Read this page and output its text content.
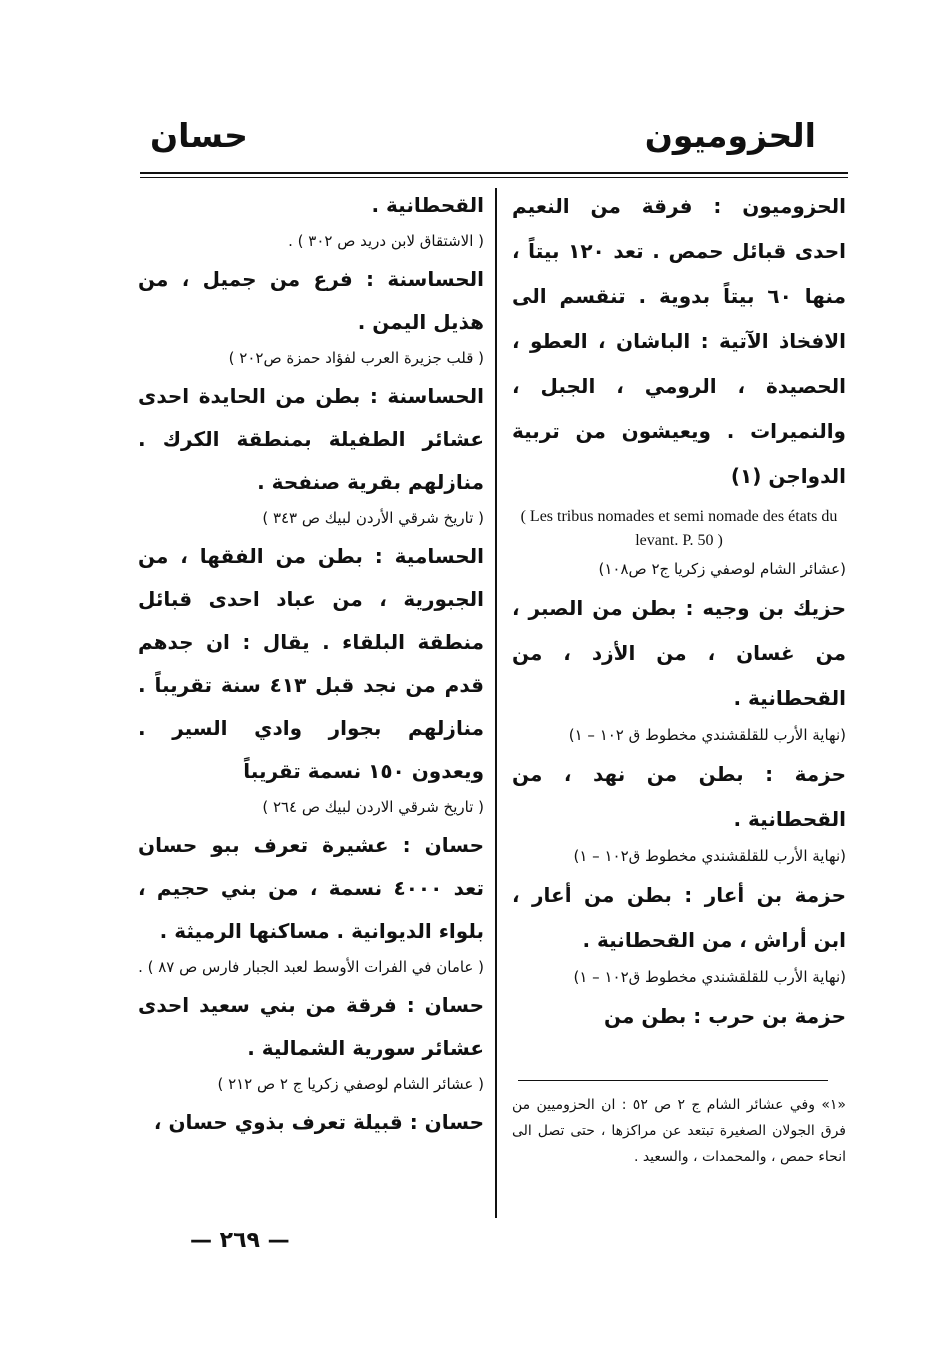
الحزوميون
حسان

الحزوميون : فرقة من النعيم احدى قبائل حمص . تعد ١٢٠ بيتاً ، منها ٦٠ بيتاً بدوية . تنقسم الى الافخاذ الآتية : الباشان ، العطو ، الحصيدة ، الرومي ، الجبل ، والنميرات . ويعيشون من تربية الدواجن (١)

( Les tribus nomades et semi nomade des états du levant. P. 50 )

(عشائر الشام لوصفي زكريا ج٢ ص١٠٨)

حزيك بن وجيه : بطن من الصبر ، من غسان ، من الأزد ، من القحطانية .

(نهاية الأرب للقلقشندي مخطوط ق ١٠٢ – ١)

حزمة : بطن من نهد ، من القحطانية .

(نهاية الأرب للقلقشندي مخطوط ق١٠٢ – ١)

حزمة بن أعار : بطن من أعار ، ابن أراش ، من القحطانية .

(نهاية الأرب للقلقشندي مخطوط ق١٠٢ – ١)

حزمة بن حرب : بطن من

القحطانية .

( الاشتقاق لابن دريد ص ٣٠٢ ) .

الحساسنة : فرع من جميل ، من هذيل اليمن .

( قلب جزيرة العرب لفؤاد حمزة ص٢٠٢ )

الحساسنة : بطن من الحايدة احدى عشائر الطفيلة بمنطقة الكرك . منازلهم بقرية صنفحة .

( تاريخ شرقي الأردن لبيك ص ٣٤٣ )

الحسامية : بطن من الفقها ، من الجبورية ، من عباد احدى قبائل منطقة البلقاء . يقال : ان جدهم قدم من نجد قبل ٤١٣ سنة تقريباً . منازلهم بجوار وادي السير . ويعدون ١٥٠ نسمة تقريباً

( تاريخ شرقي الاردن لبيك ص ٢٦٤ )

حسان : عشيرة تعرف ببو حسان تعد ٤٠٠٠ نسمة ، من بني حجيم ، بلواء الديوانية . مساكنها الرميثة .

( عامان في الفرات الأوسط لعبد الجبار فارس ص ٨٧ ) .

حسان : فرقة من بني سعيد احدى عشائر سورية الشمالية .

( عشائر الشام لوصفي زكريا ج ٢ ص ٢١٢ )

حسان : قبيلة تعرف بذوي حسان ،

«١» وفي عشائر الشام ج ٢ ص ٥٢ : ان الحزوميين من فرق الجولان الصغيرة تبتعد عن مراكزها ، حتى تصل الى انحاء حمص ، والمحمدات ، والسعيد .
— ٢٦٩ —
